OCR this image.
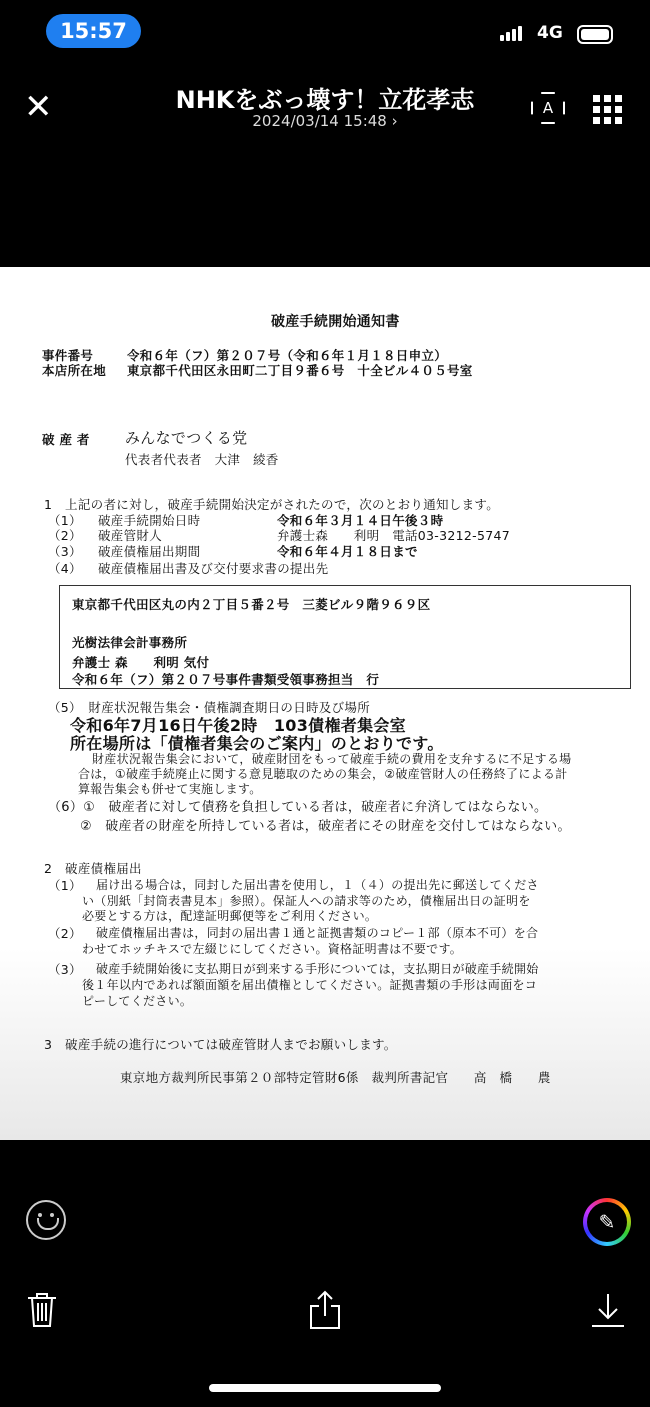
15:57	4G
✕	NHKをぶっ壊す！立花孝志
2024/03/14 15:48 ›
A
破産手続開始通知書
事件番号	令和６年（フ）第２０７号（令和６年１月１８日申立）
本店所在地 東京都千代田区永田町二丁目９番６号　十全ビル４０５号室
破 産 者 みんなでつくる党
代表者代表者　大津　綾香
1　上記の者に対し，破産手続開始決定がされたので，次のとおり通知します。
（1） 破産手続開始日時	令和６年３月１４日午後３時
（2） 破産管財人	弁護士森　　利明　電話03-3212-5747
（3） 破産債権届出期間	令和６年４月１８日まで
（4） 破産債権届出書及び交付要求書の提出先
東京都千代田区丸の内２丁目５番２号　三菱ビル９階９６９区
光樹法律会計事務所
弁護士 森　　利明 気付
令和６年（フ）第２０７号事件書類受領事務担当　行
（5）　財産状況報告集会・債権調査期日の日時及び場所
令和6年7月16日午後2時　103債権者集会室
所在場所は「債権者集会のご案内」のとおりです。
財産状況報告集会において，破産財団をもって破産手続の費用を支弁するに不足する場
合は，①破産手続廃止に関する意見聴取のための集会，②破産管財人の任務終了による計
算報告集会も併せて実施します。
（6）①　破産者に対して債務を負担している者は，破産者に弁済してはならない。
②　破産者の財産を所持している者は，破産者にその財産を交付してはならない。
2　破産債権届出
（1） 届け出る場合は，同封した届出書を使用し，１（４）の提出先に郵送してくださ
い（別紙「封筒表書見本」参照）。保証人への請求等のため，債権届出日の証明を
必要とする方は，配達証明郵便等をご利用ください。
（2） 破産債権届出書は，同封の届出書１通と証拠書類のコピー１部（原本不可）を合
わせてホッチキスで左綴じにしてください。資格証明書は不要です。
（3） 破産手続開始後に支払期日が到来する手形については，支払期日が破産手続開始
後１年以内であれば額面額を届出債権としてください。証拠書類の手形は両面をコ
ピーしてください。
3　破産手続の進行については破産管財人までお願いします。
東京地方裁判所民事第２０部特定管財6係　裁判所書記官　　高　橋　　農
✎
